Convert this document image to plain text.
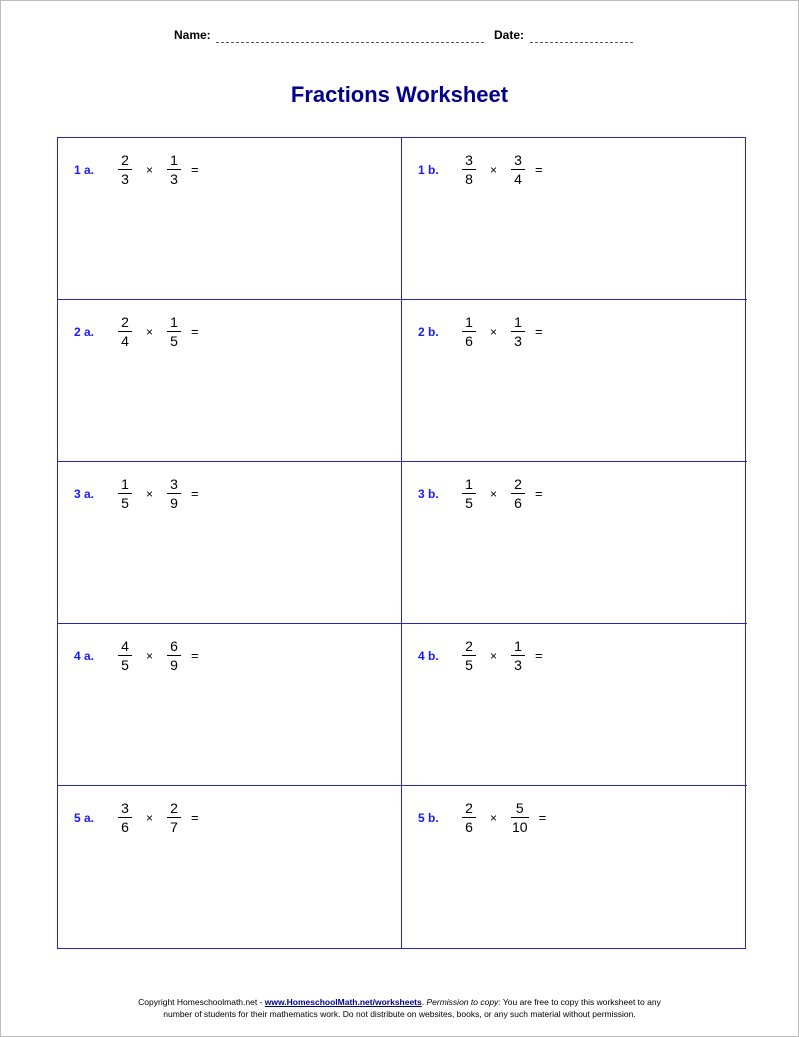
Name:	Date:
Fractions Worksheet
1 a.	$\frac{2}{3} \times \frac{1}{3}$ =	1 b.	$\frac{3}{8} \times \frac{3}{4}$ =
2 a.	$\frac{2}{4} \times \frac{1}{5}$ =	2 b.	$\frac{1}{6} \times \frac{1}{3}$ =
3 a.	$\frac{1}{5} \times \frac{3}{9}$ =	3 b.	$\frac{1}{5} \times \frac{2}{6}$ =
4 a.	$\frac{4}{5} \times \frac{6}{9}$ =	4 b.	$\frac{2}{5} \times \frac{1}{3}$ =
5 a.	$\frac{3}{6} \times \frac{2}{7}$ =	5 b.	$\frac{2}{6} \times \frac{5}{10}$ =
Copyright Homeschoolmath.net - www.HomeschoolMath.net/worksheets. Permission to copy: You are free to copy this worksheet to any
number of students for their mathematics work. Do not distribute on websites, books, or any such material without permission.
